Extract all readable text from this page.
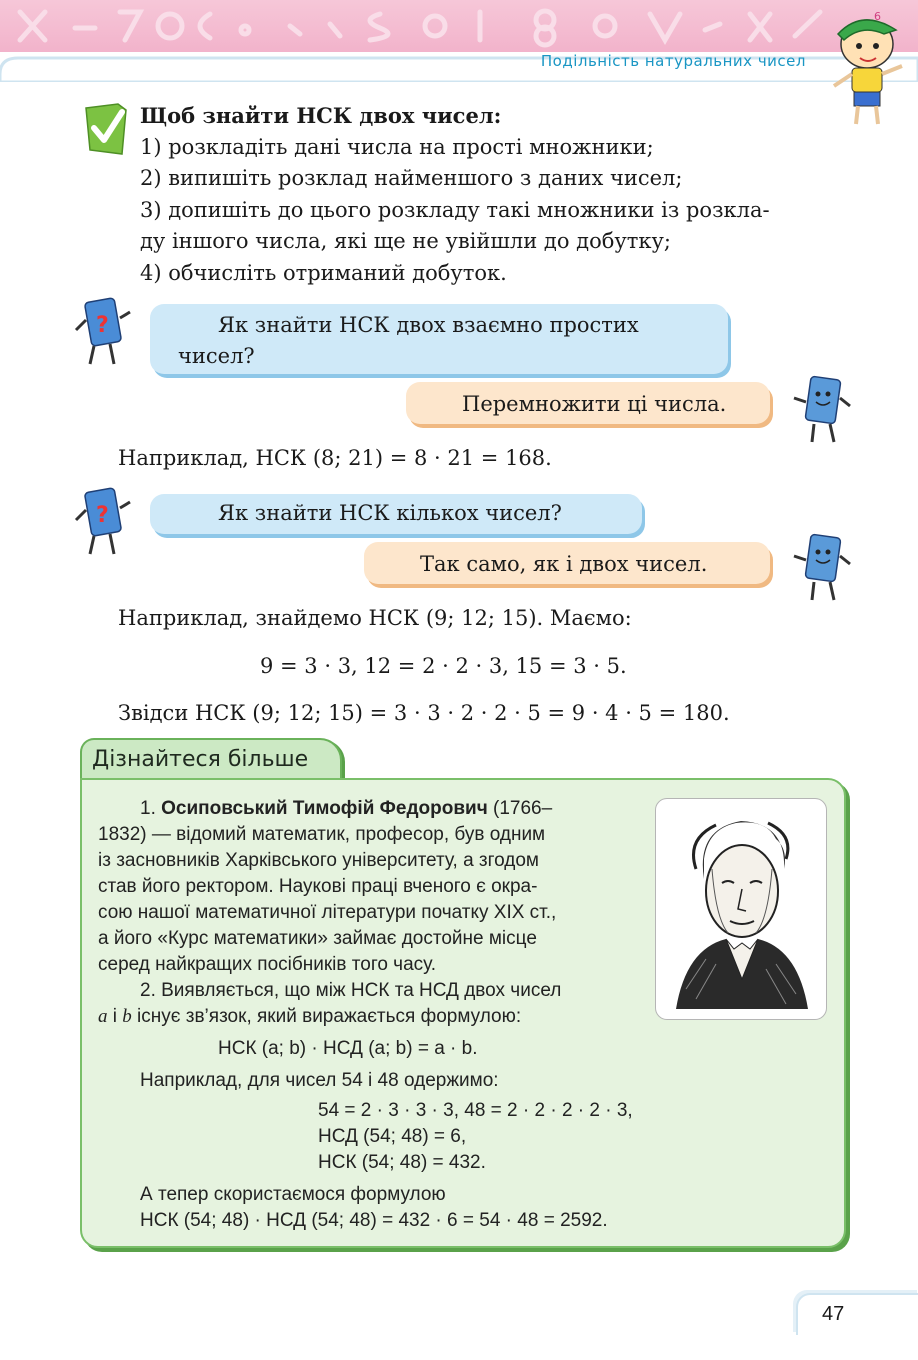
Подільність натуральних чисел
6
Щоб знайти НСК двох чисел:
1) розкладіть дані числа на прості множники;
2) випишіть розклад найменшого з даних чисел;
3) допишіть до цього розкладу такі множники із розкла-
ду іншого числа, які ще не увійшли до добутку;
4) обчисліть отриманий добуток.
?	Як знайти НСК двох взаємно простих
чисел?
Перемножити ці числа.
Наприклад, НСК (8; 21) = 8 · 21 = 168.
?	Як знайти НСК кількох чисел?
Так само, як і двох чисел.
Наприклад, знайдемо НСК (9; 12; 15). Маємо:
9 = 3 · 3, 12 = 2 · 2 · 3, 15 = 3 · 5.
Звідси НСК (9; 12; 15) = 3 · 3 · 2 · 2 · 5 = 9 · 4 · 5 = 180.
Дізнайтеся більше
1. Осиповський Тимофій Федорович (1766–
1832) — відомий математик, професор, був одним
із засновників Харківського університету, а згодом
став його ректором. Наукові праці вченого є окра-
сою нашої математичної літератури початку XIX ст.,
а його «Курс математики» займає достойне місце
серед найкращих посібників того часу.
2. Виявляється, що між НСК та НСД двох чисел
a і b існує зв’язок, який виражається формулою:
НСК (a; b) · НСД (a; b) = a · b.
Наприклад, для чисел 54 і 48 одержимо:
54 = 2 · 3 · 3 · 3, 48 = 2 · 2 · 2 · 2 · 3,
НСД (54; 48) = 6,
НСК (54; 48) = 432.
А тепер скористаємося формулою
НСК (54; 48) · НСД (54; 48) = 432 · 6 = 54 · 48 = 2592.
47
